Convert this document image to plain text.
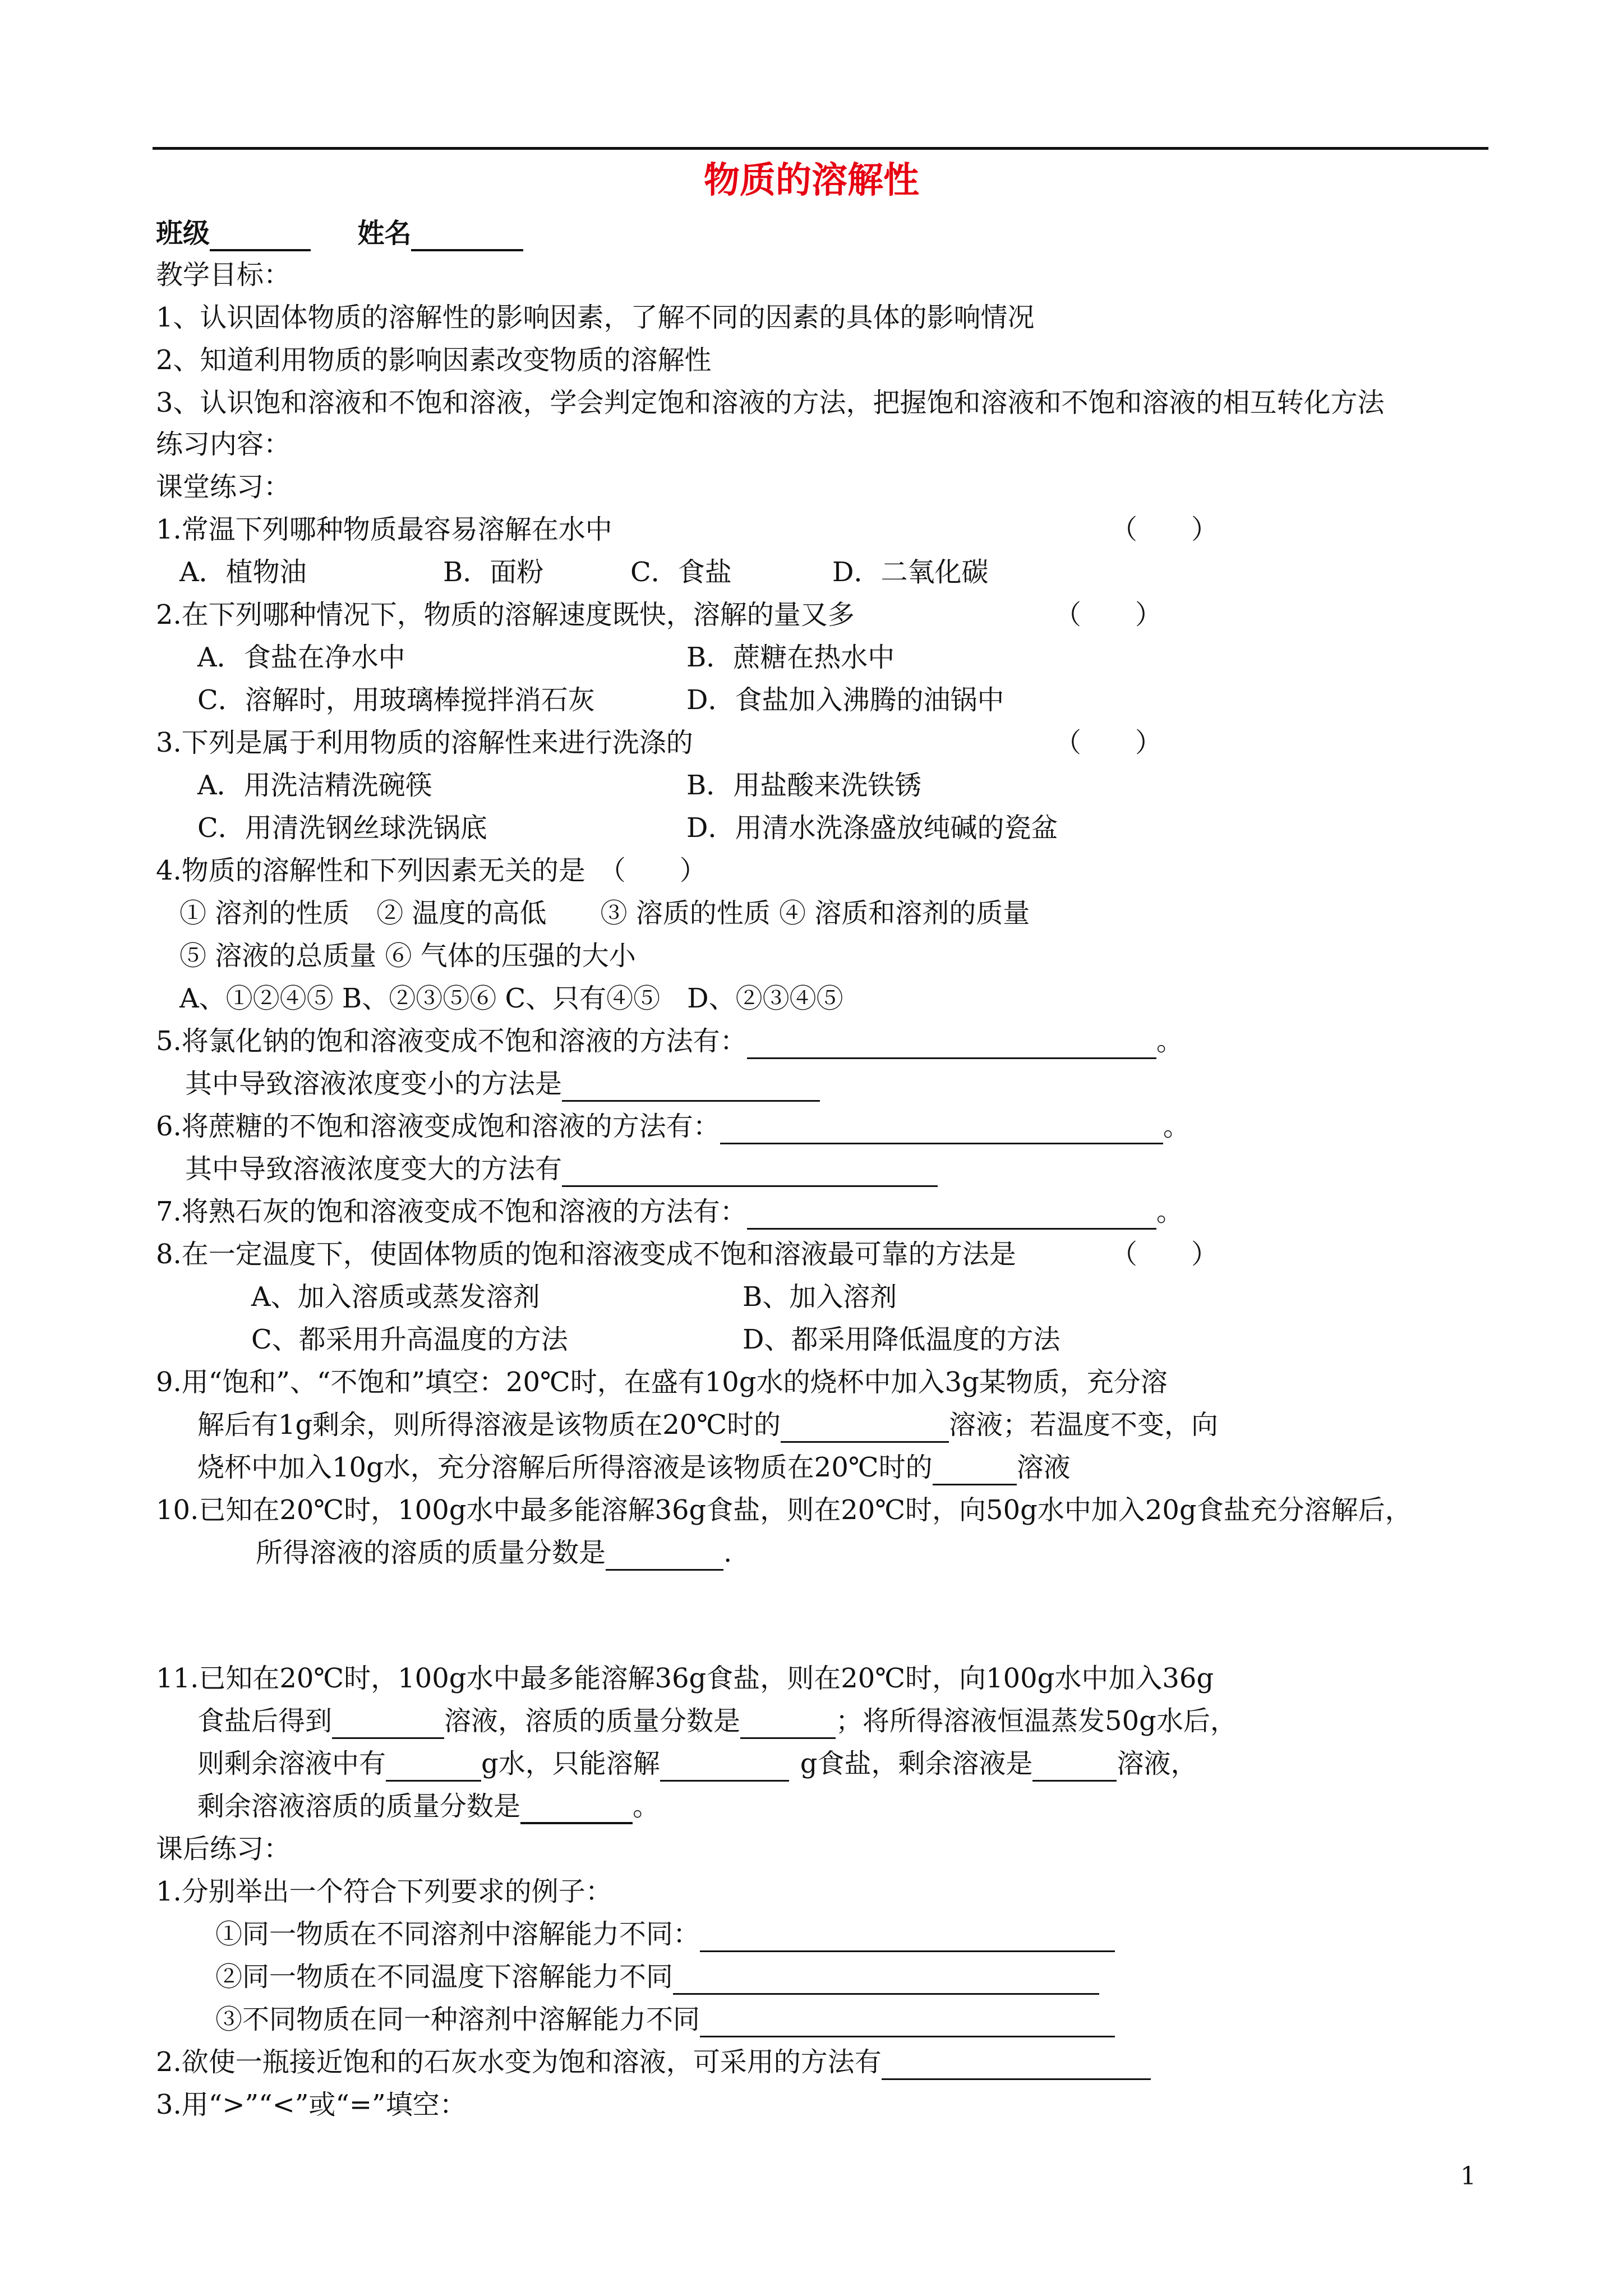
物质的溶解性
班级	姓名
教学目标：
1、认识固体物质的溶解性的影响因素，了解不同的因素的具体的影响情况
2、知道利用物质的影响因素改变物质的溶解性
3、认识饱和溶液和不饱和溶液，学会判定饱和溶液的方法，把握饱和溶液和不饱和溶液的相互转化方法
练习内容：
课堂练习：
1.常温下列哪种物质最容易溶解在水中	（　　）
A．植物油	B．面粉	C．食盐	D．二氧化碳
2.在下列哪种情况下，物质的溶解速度既快，溶解的量又多	（　　）
A．食盐在净水中	B．蔗糖在热水中
C．溶解时，用玻璃棒搅拌消石灰	D．食盐加入沸腾的油锅中
3.下列是属于利用物质的溶解性来进行洗涤的	（　　）
A．用洗洁精洗碗筷	B．用盐酸来洗铁锈
C．用清洗钢丝球洗锅底	D．用清水洗涤盛放纯碱的瓷盆
4.物质的溶解性和下列因素无关的是　（　　）
① 溶剂的性质　② 温度的高低　　③ 溶质的性质 ④ 溶质和溶剂的质量
⑤ 溶液的总质量 ⑥ 气体的压强的大小
A、①②④⑤ B、②③⑤⑥ C、只有④⑤　D、②③④⑤
5.将氯化钠的饱和溶液变成不饱和溶液的方法有：	。
其中导致溶液浓度变小的方法是
6.将蔗糖的不饱和溶液变成饱和溶液的方法有：	。
其中导致溶液浓度变大的方法有
7.将熟石灰的饱和溶液变成不饱和溶液的方法有：	。
8.在一定温度下，使固体物质的饱和溶液变成不饱和溶液最可靠的方法是	（　　）
A、加入溶质或蒸发溶剂	B、加入溶剂
C、都采用升高温度的方法	D、都采用降低温度的方法
9.用“饱和”、“不饱和”填空：20℃时，在盛有10g水的烧杯中加入3g某物质，充分溶
解后有1g剩余，则所得溶液是该物质在20℃时的	溶液；若温度不变，向
烧杯中加入10g水，充分溶解后所得溶液是该物质在20℃时的	溶液
10.已知在20℃时，100g水中最多能溶解36g食盐，则在20℃时，向50g水中加入20g食盐充分溶解后，
所得溶液的溶质的质量分数是	.
11.已知在20℃时，100g水中最多能溶解36g食盐，则在20℃时，向100g水中加入36g
食盐后得到	溶液，溶质的质量分数是	；将所得溶液恒温蒸发50g水后，
则剩余溶液中有	g水，只能溶解	g食盐，剩余溶液是	溶液，
剩余溶液溶质的质量分数是	。
课后练习：
1.分别举出一个符合下列要求的例子：
①同一物质在不同溶剂中溶解能力不同：
②同一物质在不同温度下溶解能力不同
③不同物质在同一种溶剂中溶解能力不同
2.欲使一瓶接近饱和的石灰水变为饱和溶液，可采用的方法有
3.用“>”“<”或“=”填空：
1
